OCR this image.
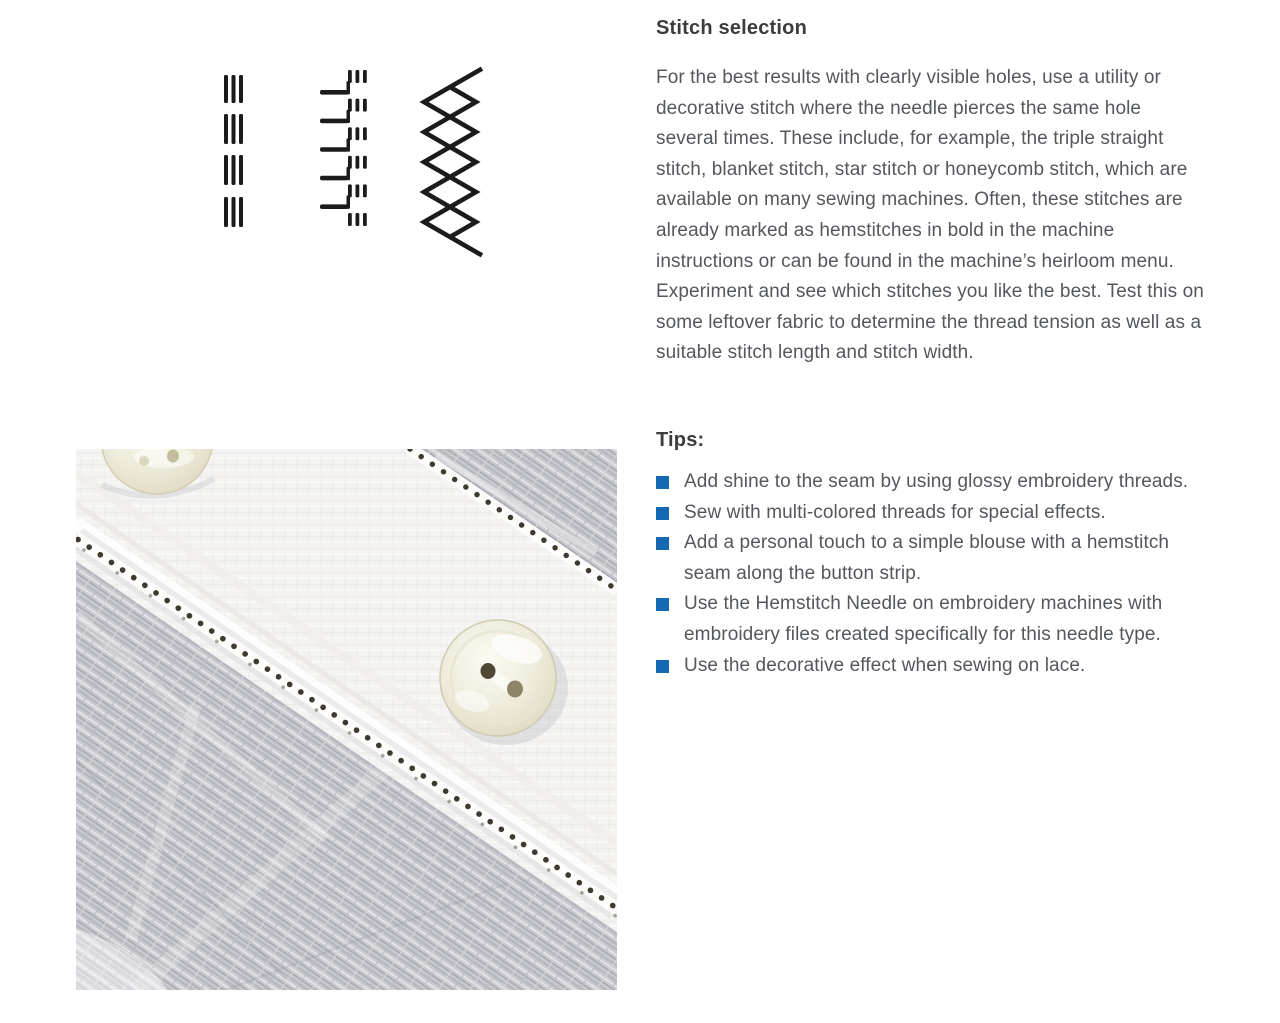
Stitch selection

For the best results with clearly visible holes, use a utility or decorative stitch where the needle pierces the same hole several times. These include, for example, the triple straight stitch, blanket stitch, star stitch or honeycomb stitch, which are available on many sewing machines. Often, these stitches are already marked as hemstitches in bold in the machine instructions or can be found in the machine’s heirloom menu. Experiment and see which stitches you like the best. Test this on some leftover fabric to determine the thread tension as well as a suitable stitch length and stitch width.

Tips:
Add shine to the seam by using glossy embroidery threads.
Sew with multi-colored threads for special effects.
Add a personal touch to a simple blouse with a hemstitch seam along the button strip.
Use the Hemstitch Needle on embroidery machines with embroidery files created specifically for this needle type.
Use the decorative effect when sewing on lace.
